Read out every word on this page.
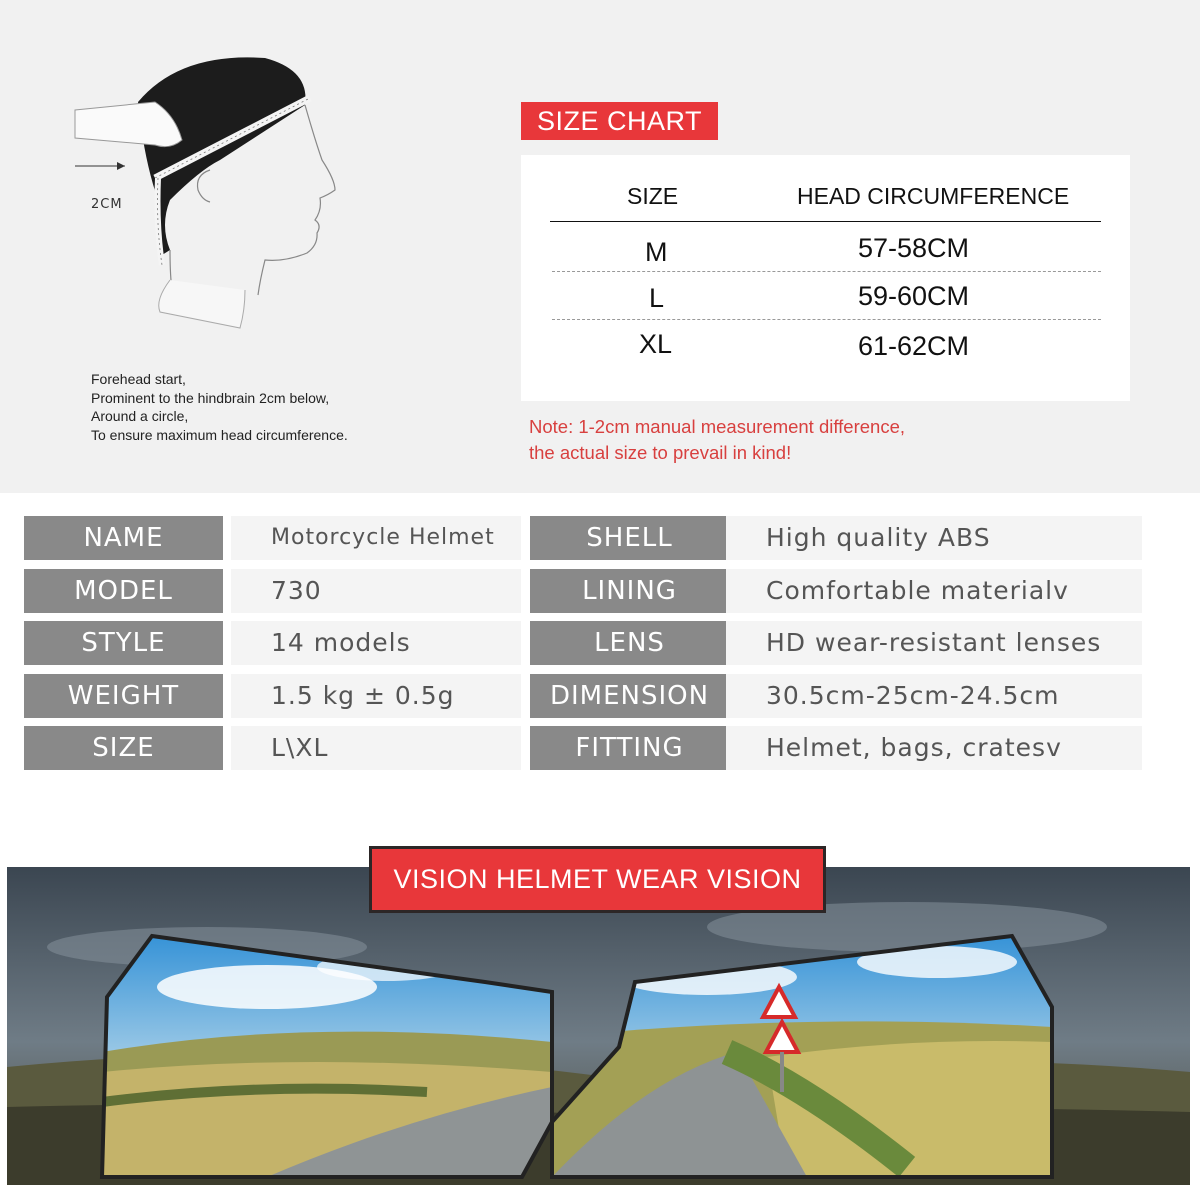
2CM
Forehead start,
Prominent to the hindbrain 2cm below,
Around a circle,
To ensure maximum head circumference.
SIZE CHART
SIZE	HEAD CIRCUMFERENCE
M	57-58CM
L	59-60CM
XL	61-62CM
Note: 1-2cm manual measurement difference,
the actual size to prevail in kind!
NAME	Motorcycle Helmet	SHELL	High quality ABS
MODEL	730	LINING	Comfortable materialv
STYLE	14 models	LENS	HD wear-resistant lenses
WEIGHT	1.5 kg ± 0.5g	DIMENSION	30.5cm-25cm-24.5cm
SIZE	L\XL	FITTING	Helmet, bags, cratesv
VISION HELMET WEAR VISION
